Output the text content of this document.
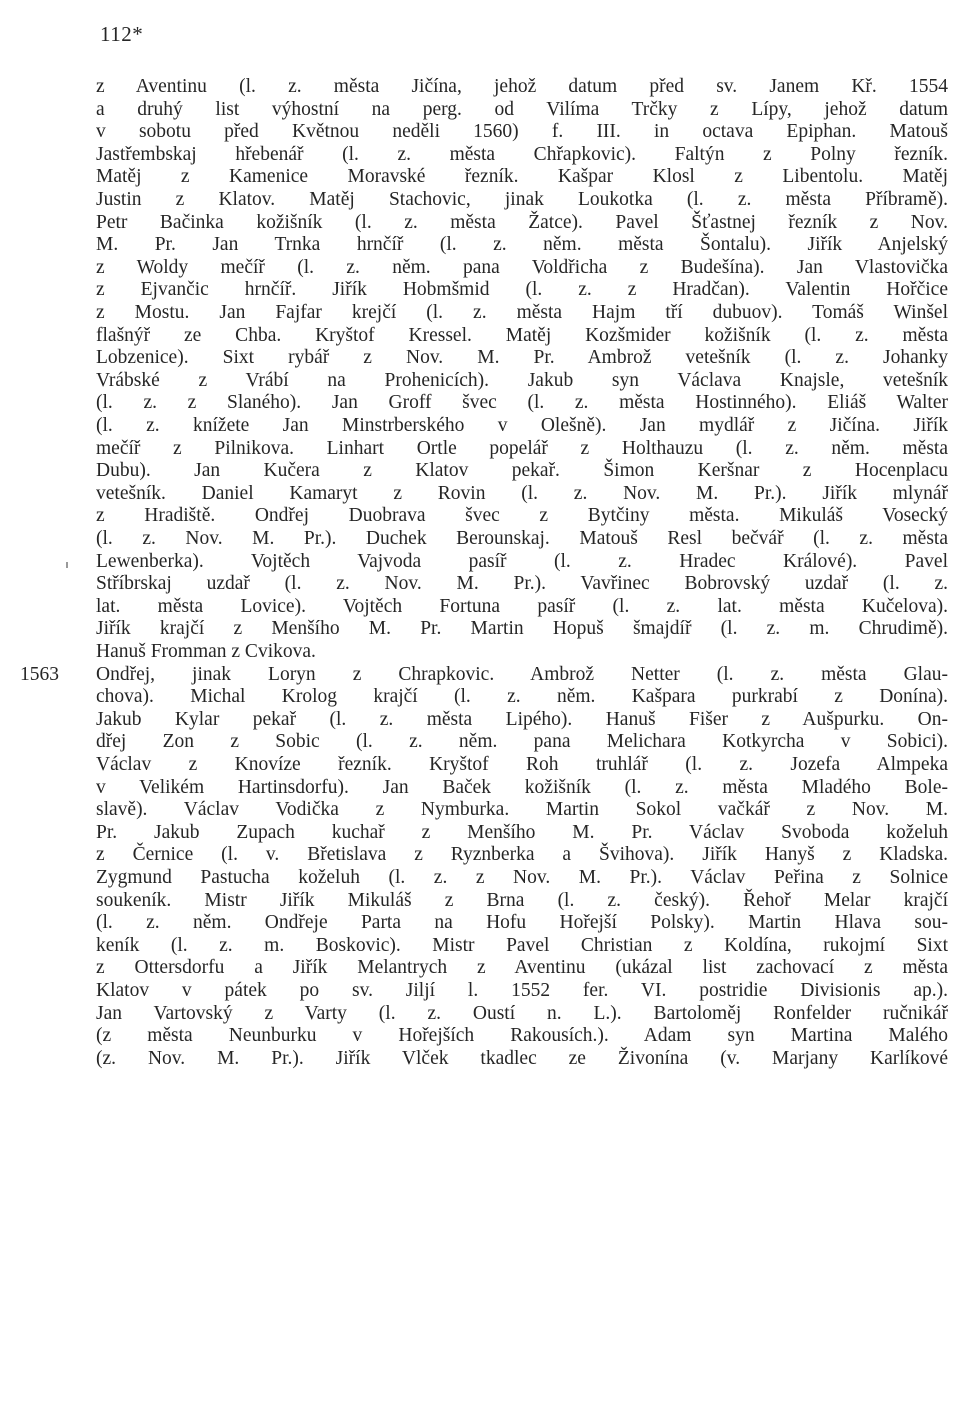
112*
z Aventinu (l. z. města Jičína, jehož datum před sv. Janem Kř. 1554
a druhý list výhostní na perg. od Vilíma Trčky z Lípy, jehož datum
v sobotu před Květnou neděli 1560) f. III. in octava Epiphan. Matouš
Jastřembskaj hřebenář (l. z. města Chřapkovic). Faltýn z Polny řezník.
Matěj z Kamenice Moravské řezník. Kašpar Klosl z Libentolu. Matěj
Justin z Klatov. Matěj Stachovic, jinak Loukotka (l. z. města Příbramě).
Petr Bačinka kožišník (l. z. města Žatce). Pavel Šťastnej řezník z Nov.
M. Pr. Jan Trnka hrnčíř (l. z. něm. města Šontalu). Jiřík Anjelský
z Woldy mečíř (l. z. něm. pana Voldřicha z Budešína). Jan Vlastovička
z Ejvančic hrnčíř. Jiřík Hobmšmid (l. z. z Hradčan). Valentin Hořčice
z Mostu. Jan Fajfar krejčí (l. z. města Hajm tří dubuov). Tomáš Winšel
flašnýř ze Chba. Kryštof Kressel. Matěj Kozšmider kožišník (l. z. města
Lobzenice). Sixt rybář z Nov. M. Pr. Ambrož vetešník (l. z. Johanky
Vrábské z Vrábí na Prohenicích). Jakub syn Václava Knajsle, vetešník
(l. z. z Slaného). Jan Groff švec (l. z. města Hostinného). Eliáš Walter
(l. z. knížete Jan Minstrberského v Olešně). Jan mydlář z Jičína. Jiřík
mečíř z Pilnikova. Linhart Ortle popelář z Holthauzu (l. z. něm. města
Dubu). Jan Kučera z Klatov pekař. Šimon Keršnar z Hocenplacu
vetešník. Daniel Kamaryt z Rovin (l. z. Nov. M. Pr.). Jiřík mlynář
z Hradiště. Ondřej Duobrava švec z Bytčiny města. Mikuláš Vosecký
(l. z. Nov. M. Pr.). Duchek Berounskaj. Matouš Resl bečvář (l. z. města
Lewenberka). Vojtěch Vajvoda pasíř (l. z. Hradec Králové). Pavel
Stříbrskaj uzdař (l. z. Nov. M. Pr.). Vavřinec Bobrovský uzdař (l. z.
lat. města Lovice). Vojtěch Fortuna pasíř (l. z. lat. města Kučelova).
Jiřík krajčí z Menšího M. Pr. Martin Hopuš šmajdíř (l. z. m. Chrudimě).
Hanuš Fromman z Cvikova.
1563 Ondřej, jinak Loryn z Chrapkovic. Ambrož Netter (l. z. města Glau-
chova). Michal Krolog krajčí (l. z. něm. Kašpara purkrabí z Donína).
Jakub Kylar pekař (l. z. města Lipého). Hanuš Fišer z Aušpurku. On-
dřej Zon z Sobic (l. z. něm. pana Melichara Kotkyrcha v Sobici).
Václav z Knovíze řezník. Kryštof Roh truhlář (l. z. Jozefa Almpeka
v Velikém Hartinsdorfu). Jan Baček kožišník (l. z. města Mladého Bole-
slavě). Václav Vodička z Nymburka. Martin Sokol vačkář z Nov. M.
Pr. Jakub Zupach kuchař z Menšího M. Pr. Václav Svoboda koželuh
z Černice (l. v. Břetislava z Ryznberka a Švihova). Jiřík Hanyš z Kladska.
Zygmund Pastucha koželuh (l. z. z Nov. M. Pr.). Václav Peřina z Solnice
soukeník. Mistr Jiřík Mikuláš z Brna (l. z. český). Řehoř Melar krajčí
(l. z. něm. Ondřeje Parta na Hofu Hořejší Polsky). Martin Hlava sou-
keník (l. z. m. Boskovic). Mistr Pavel Christian z Koldína, rukojmí Sixt
z Ottersdorfu a Jiřík Melantrych z Aventinu (ukázal list zachovací z města
Klatov v pátek po sv. Jiljí l. 1552 fer. VI. postridie Divisionis ap.).
Jan Vartovský z Varty (l. z. Oustí n. L.). Bartoloměj Ronfelder ručnikář
(z města Neunburku v Hořejších Rakousích.). Adam syn Martina Malého
(z. Nov. M. Pr.). Jiřík Vlček tkadlec ze Živonína (v. Marjany Karlíkové
